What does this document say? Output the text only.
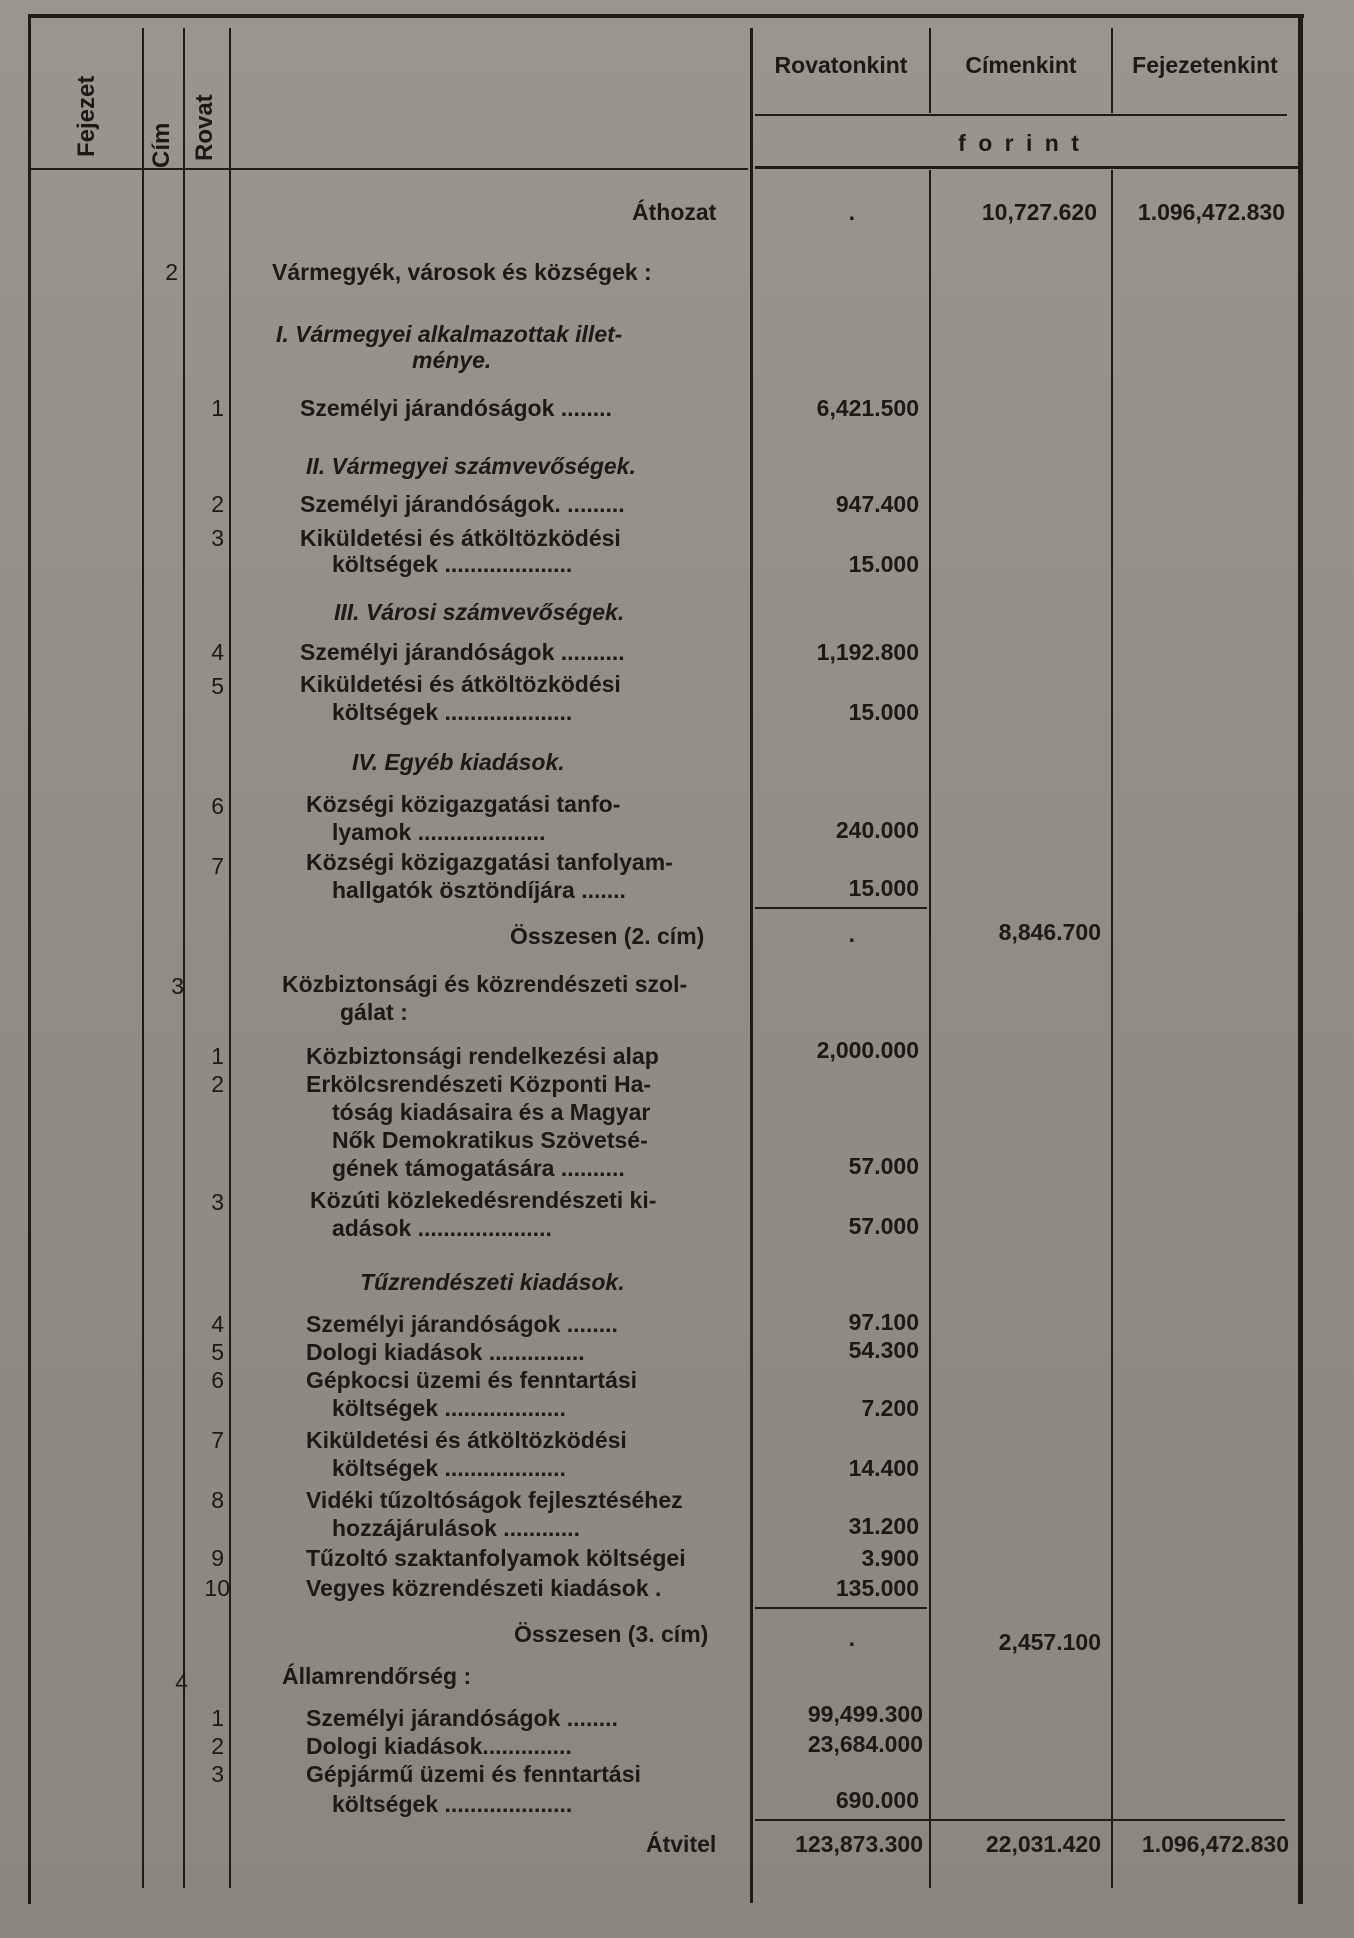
Fejezet Cím Rovat
Rovatonkint	Címenkint	Fejezetenkint
f o r i n t
Áthozat	.	10,727.620	1.096,472.830
2	Vármegyék, városok és községek :
I. Vármegyei alkalmazottak illet-
ménye.
1	Személyi járandóságok ........	6,421.500
II. Vármegyei számvevőségek.
2	Személyi járandóságok. .........	947.400
3	Kiküldetési és átköltözködési
költségek ....................	15.000
III. Városi számvevőségek.
4	Személyi járandóságok ..........	1,192.800
5	Kiküldetési és átköltözködési
költségek ....................	15.000
IV. Egyéb kiadások.
6	Községi közigazgatási tanfo-
lyamok ....................	240.000
7	Községi közigazgatási tanfolyam-
hallgatók ösztöndíjára .......	15.000
Összesen (2. cím)	.	8,846.700
3	Közbiztonsági és közrendészeti szol-
gálat :
1	Közbiztonsági rendelkezési alap	2,000.000
2	Erkölcsrendészeti Központi Ha-
tóság kiadásaira és a Magyar
Nők Demokratikus Szövetsé-
gének támogatására ..........	57.000
3	Közúti közlekedésrendészeti ki-
adások .....................	57.000
Tűzrendészeti kiadások.
4	Személyi járandóságok ........	97.100
5	Dologi kiadások ...............	54.300
6	Gépkocsi üzemi és fenntartási
költségek ...................	7.200
7	Kiküldetési és átköltözködési
költségek ...................	14.400
8	Vidéki tűzoltóságok fejlesztéséhez
hozzájárulások ............	31.200
9	Tűzoltó szaktanfolyamok költségei	3.900
10	Vegyes közrendészeti kiadások .	135.000
Összesen (3. cím)	.	2,457.100
4	Államrendőrség :
1	Személyi járandóságok ........	99,499.300
2	Dologi kiadások..............	23,684.000
3	Gépjármű üzemi és fenntartási
költségek ....................	690.000
Átvitel	123,873.300	22,031.420	1.096,472.830
